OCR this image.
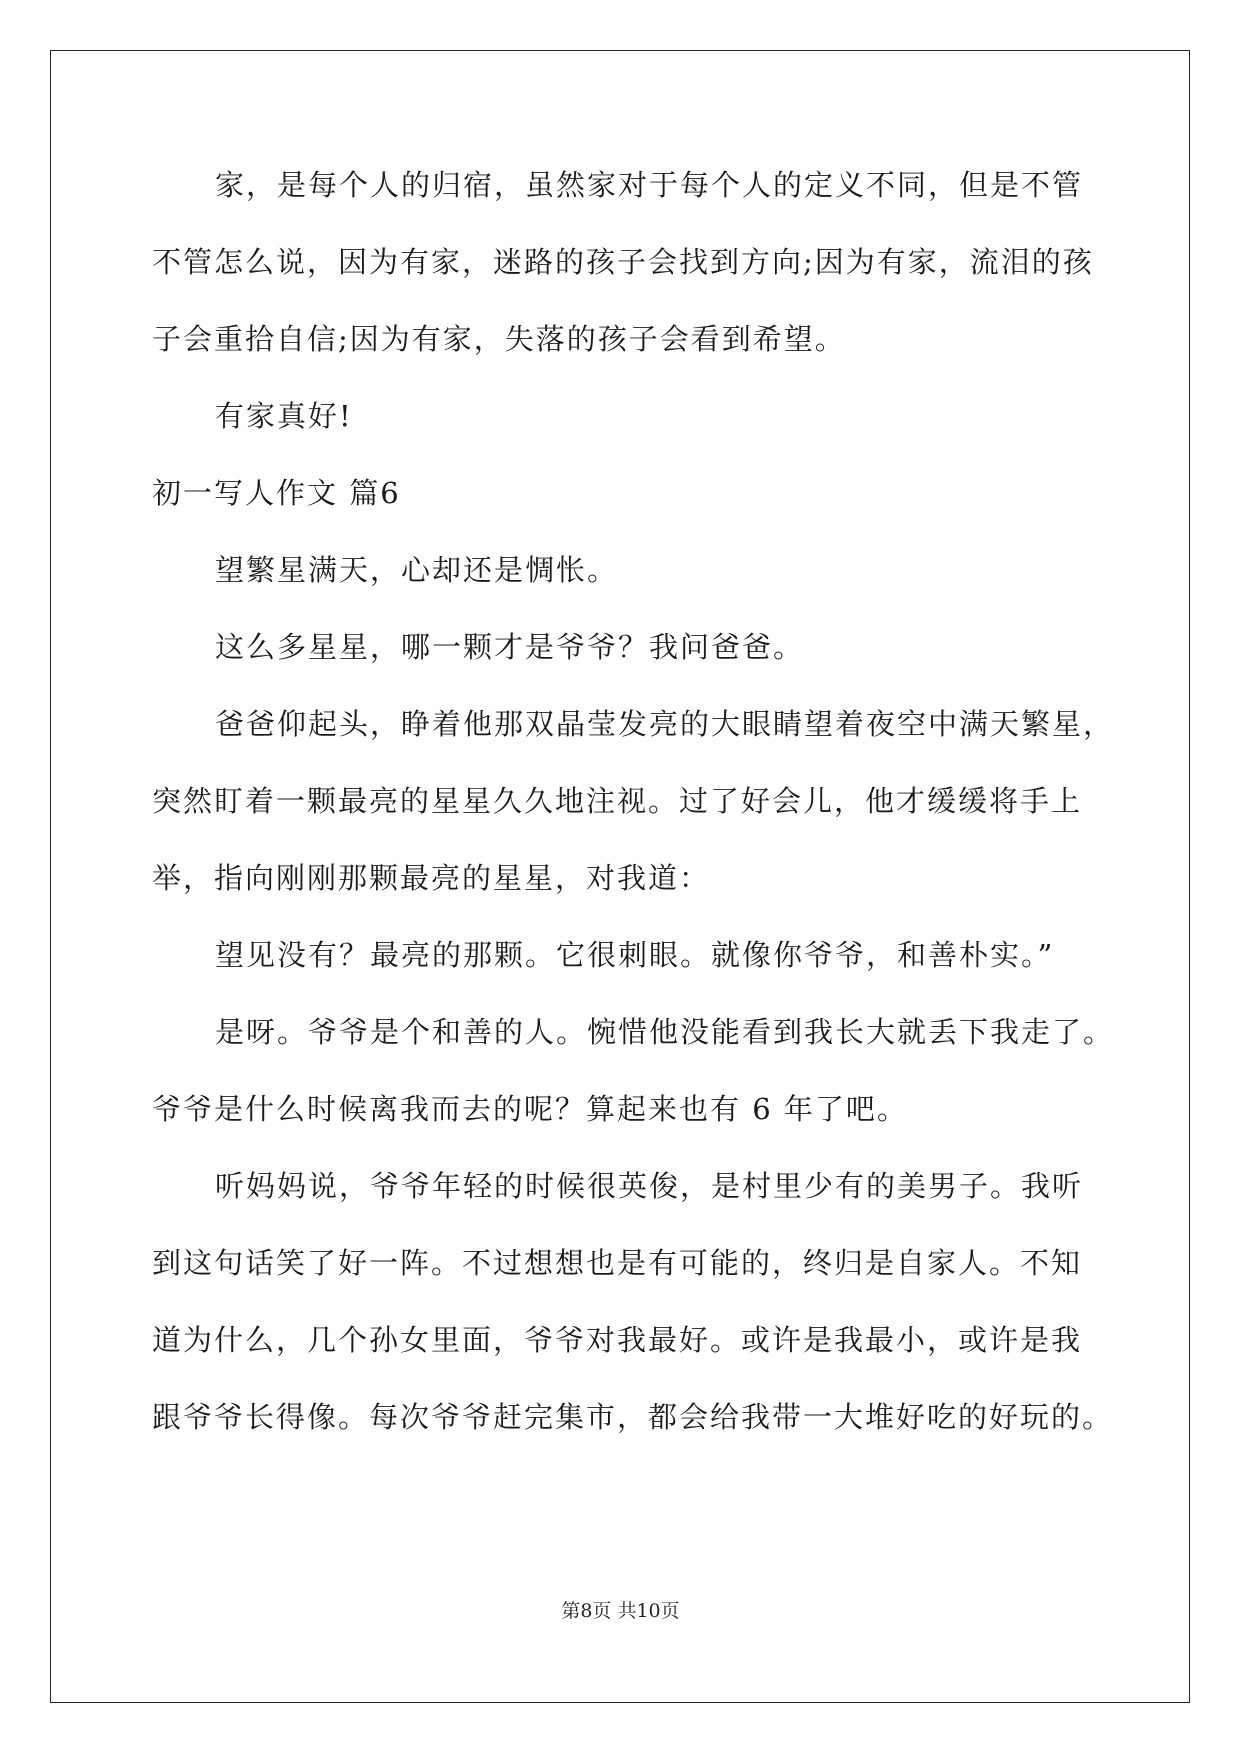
家，是每个人的归宿，虽然家对于每个人的定义不同，但是不管
不管怎么说，因为有家，迷路的孩子会找到方向;因为有家，流泪的孩
子会重拾自信;因为有家，失落的孩子会看到希望。
有家真好!
初一写人作文 篇6
望繁星满天，心却还是惆怅。
这么多星星，哪一颗才是爷爷？我问爸爸。
爸爸仰起头，睁着他那双晶莹发亮的大眼睛望着夜空中满天繁星，
突然盯着一颗最亮的星星久久地注视。过了好会儿，他才缓缓将手上
举，指向刚刚那颗最亮的星星，对我道：
望见没有？最亮的那颗。它很刺眼。就像你爷爷，和善朴实。”
是呀。爷爷是个和善的人。惋惜他没能看到我长大就丢下我走了。
爷爷是什么时候离我而去的呢？算起来也有 6 年了吧。
听妈妈说，爷爷年轻的时候很英俊，是村里少有的美男子。我听
到这句话笑了好一阵。不过想想也是有可能的，终归是自家人。不知
道为什么，几个孙女里面，爷爷对我最好。或许是我最小，或许是我
跟爷爷长得像。每次爷爷赶完集市，都会给我带一大堆好吃的好玩的。
第8页 共10页
